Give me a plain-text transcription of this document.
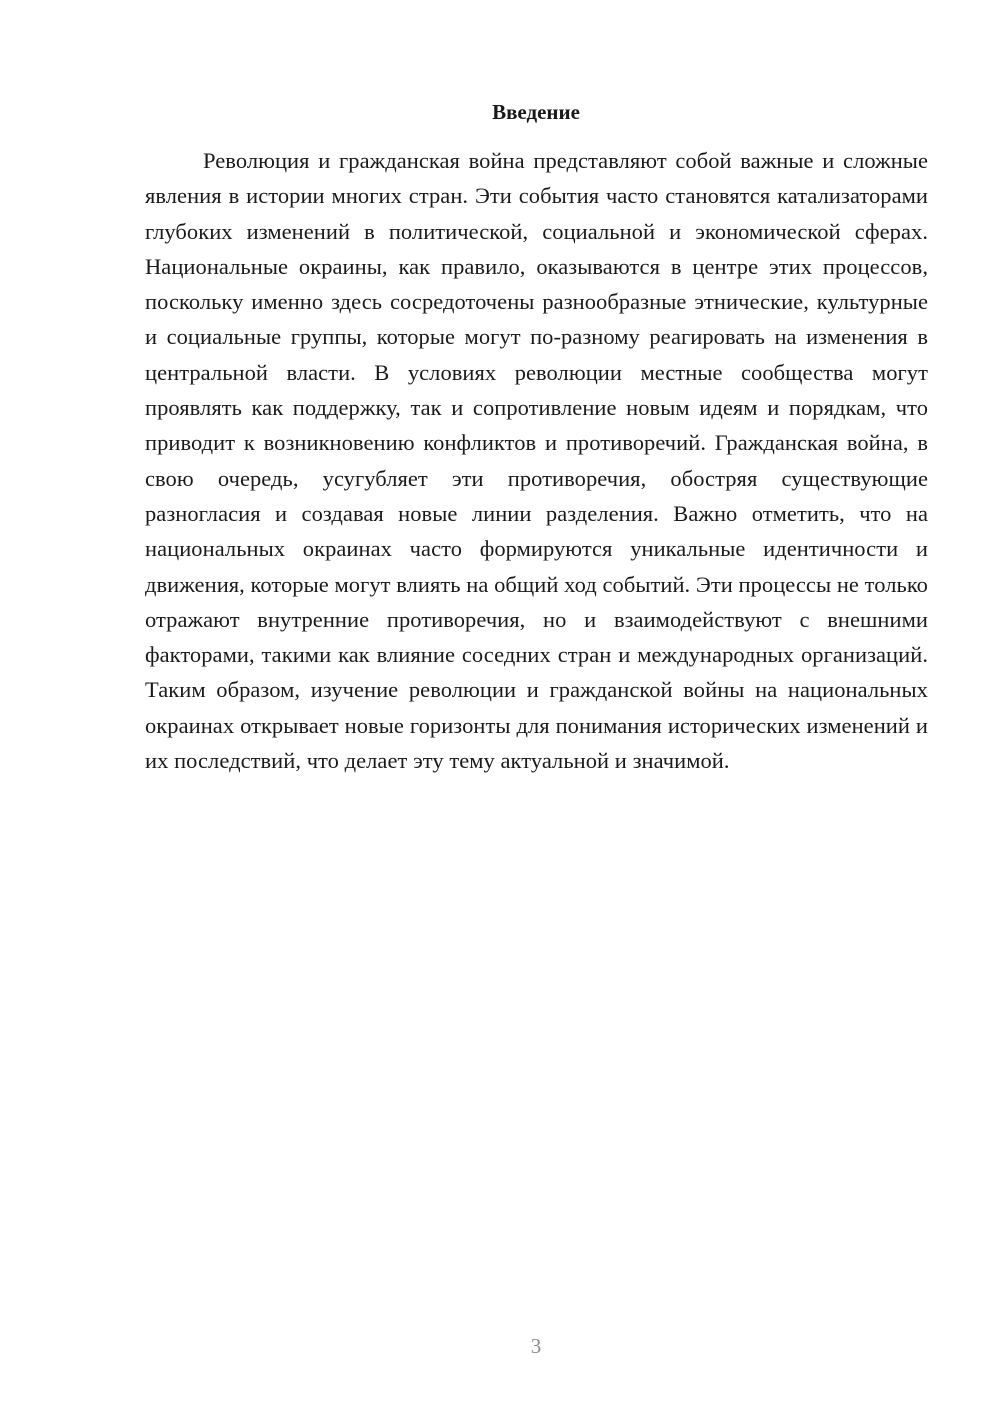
Введение

Революция и гражданская война представляют собой важные и сложные явления в истории многих стран. Эти события часто становятся катализаторами глубоких изменений в политической, социальной и экономической сферах. Национальные окраины, как правило, оказываются в центре этих процессов, поскольку именно здесь сосредоточены разнообразные этнические, культурные и социальные группы, которые могут по-разному реагировать на изменения в центральной власти. В условиях революции местные сообщества могут проявлять как поддержку, так и сопротивление новым идеям и порядкам, что приводит к возникновению конфликтов и противоречий. Гражданская война, в свою очередь, усугубляет эти противоречия, обостряя существующие разногласия и создавая новые линии разделения. Важно отметить, что на национальных окраинах часто формируются уникальные идентичности и движения, которые могут влиять на общий ход событий. Эти процессы не только отражают внутренние противоречия, но и взаимодействуют с внешними факторами, такими как влияние соседних стран и международных организаций. Таким образом, изучение революции и гражданской войны на национальных окраинах открывает новые горизонты для понимания исторических изменений и их последствий, что делает эту тему актуальной и значимой.

3
